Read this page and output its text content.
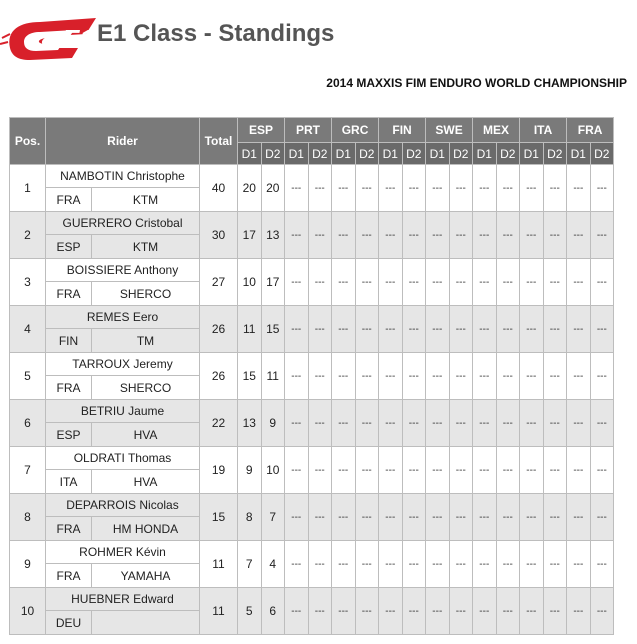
E1 E1 Class - Standings
2014 MAXXIS FIM ENDURO WORLD CHAMPIONSHIP
Pos.	Rider		Total	ESP		PRT		GRC		FIN		SWE		MEX		ITA		FRA	
				D1	D2	D1	D2	D1	D2	D1	D2	D1	D2	D1	D2	D1	D2	D1	D2
1	NAMBOTIN Christophe		40	20	20	---	---	---	---	---	---	---	---	---	---	---	---	---	---
	FRA	KTM																	
2	GUERRERO Cristobal		30	17	13	---	---	---	---	---	---	---	---	---	---	---	---	---	---
	ESP	KTM																	
3	BOISSIERE Anthony		27	10	17	---	---	---	---	---	---	---	---	---	---	---	---	---	---
	FRA	SHERCO																	
4	REMES Eero		26	11	15	---	---	---	---	---	---	---	---	---	---	---	---	---	---
	FIN	TM																	
5	TARROUX Jeremy		26	15	11	---	---	---	---	---	---	---	---	---	---	---	---	---	---
	FRA	SHERCO																	
6	BETRIU Jaume		22	13	9	---	---	---	---	---	---	---	---	---	---	---	---	---	---
	ESP	HVA																	
7	OLDRATI Thomas		19	9	10	---	---	---	---	---	---	---	---	---	---	---	---	---	---
	ITA	HVA																	
8	DEPARROIS Nicolas		15	8	7	---	---	---	---	---	---	---	---	---	---	---	---	---	---
	FRA	HM HONDA																	
9	ROHMER Kévin		11	7	4	---	---	---	---	---	---	---	---	---	---	---	---	---	---
	FRA	YAMAHA																	
10	HUEBNER Edward		11	5	6	---	---	---	---	---	---	---	---	---	---	---	---	---	---
	DEU																		
